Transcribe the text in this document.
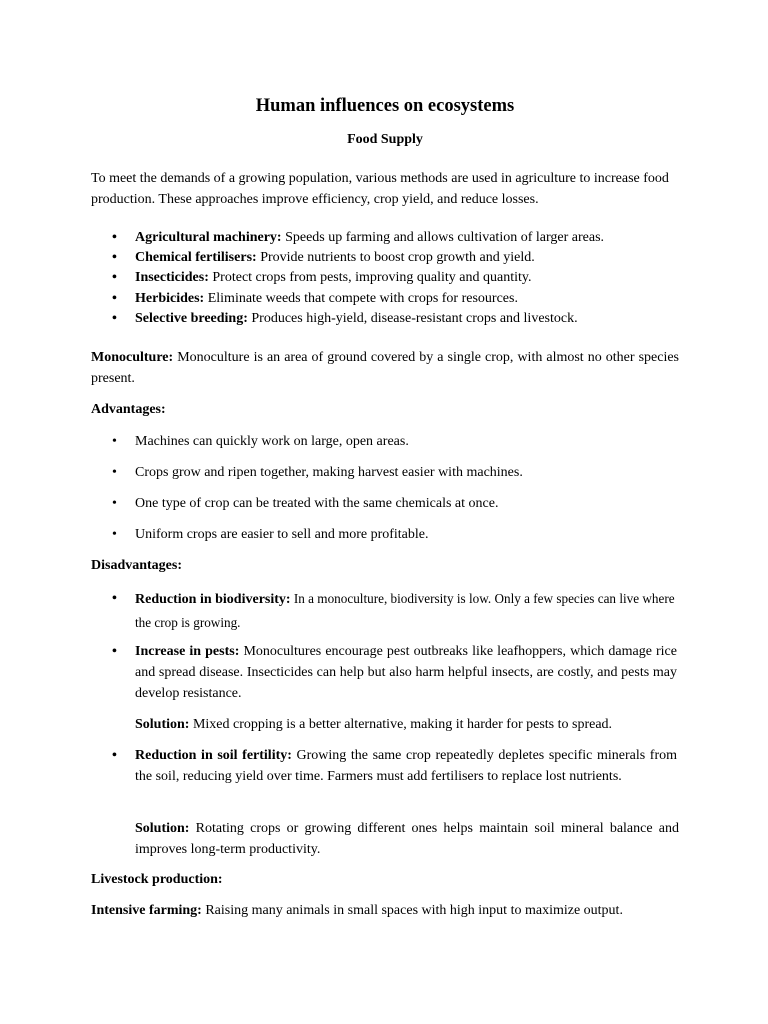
Human influences on ecosystems
Food Supply

To meet the demands of a growing population, various methods are used in agriculture to increase food production. These approaches improve efficiency, crop yield, and reduce losses.

• Agricultural machinery: Speeds up farming and allows cultivation of larger areas.
• Chemical fertilisers: Provide nutrients to boost crop growth and yield.
• Insecticides: Protect crops from pests, improving quality and quantity.
• Herbicides: Eliminate weeds that compete with crops for resources.
• Selective breeding: Produces high-yield, disease-resistant crops and livestock.

Monoculture: Monoculture is an area of ground covered by a single crop, with almost no other species present.

Advantages:
• Machines can quickly work on large, open areas.
• Crops grow and ripen together, making harvest easier with machines.
• One type of crop can be treated with the same chemicals at once.
• Uniform crops are easier to sell and more profitable.
Disadvantages:
• Reduction in biodiversity: In a monoculture, biodiversity is low. Only a few species can live where the crop is growing.
• Increase in pests: Monocultures encourage pest outbreaks like leafhoppers, which damage rice and spread disease. Insecticides can help but also harm helpful insects, are costly, and pests may develop resistance.
Solution: Mixed cropping is a better alternative, making it harder for pests to spread.
• Reduction in soil fertility: Growing the same crop repeatedly depletes specific minerals from the soil, reducing yield over time. Farmers must add fertilisers to replace lost nutrients.
Solution: Rotating crops or growing different ones helps maintain soil mineral balance and improves long-term productivity.
Livestock production:

Intensive farming: Raising many animals in small spaces with high input to maximize output.
